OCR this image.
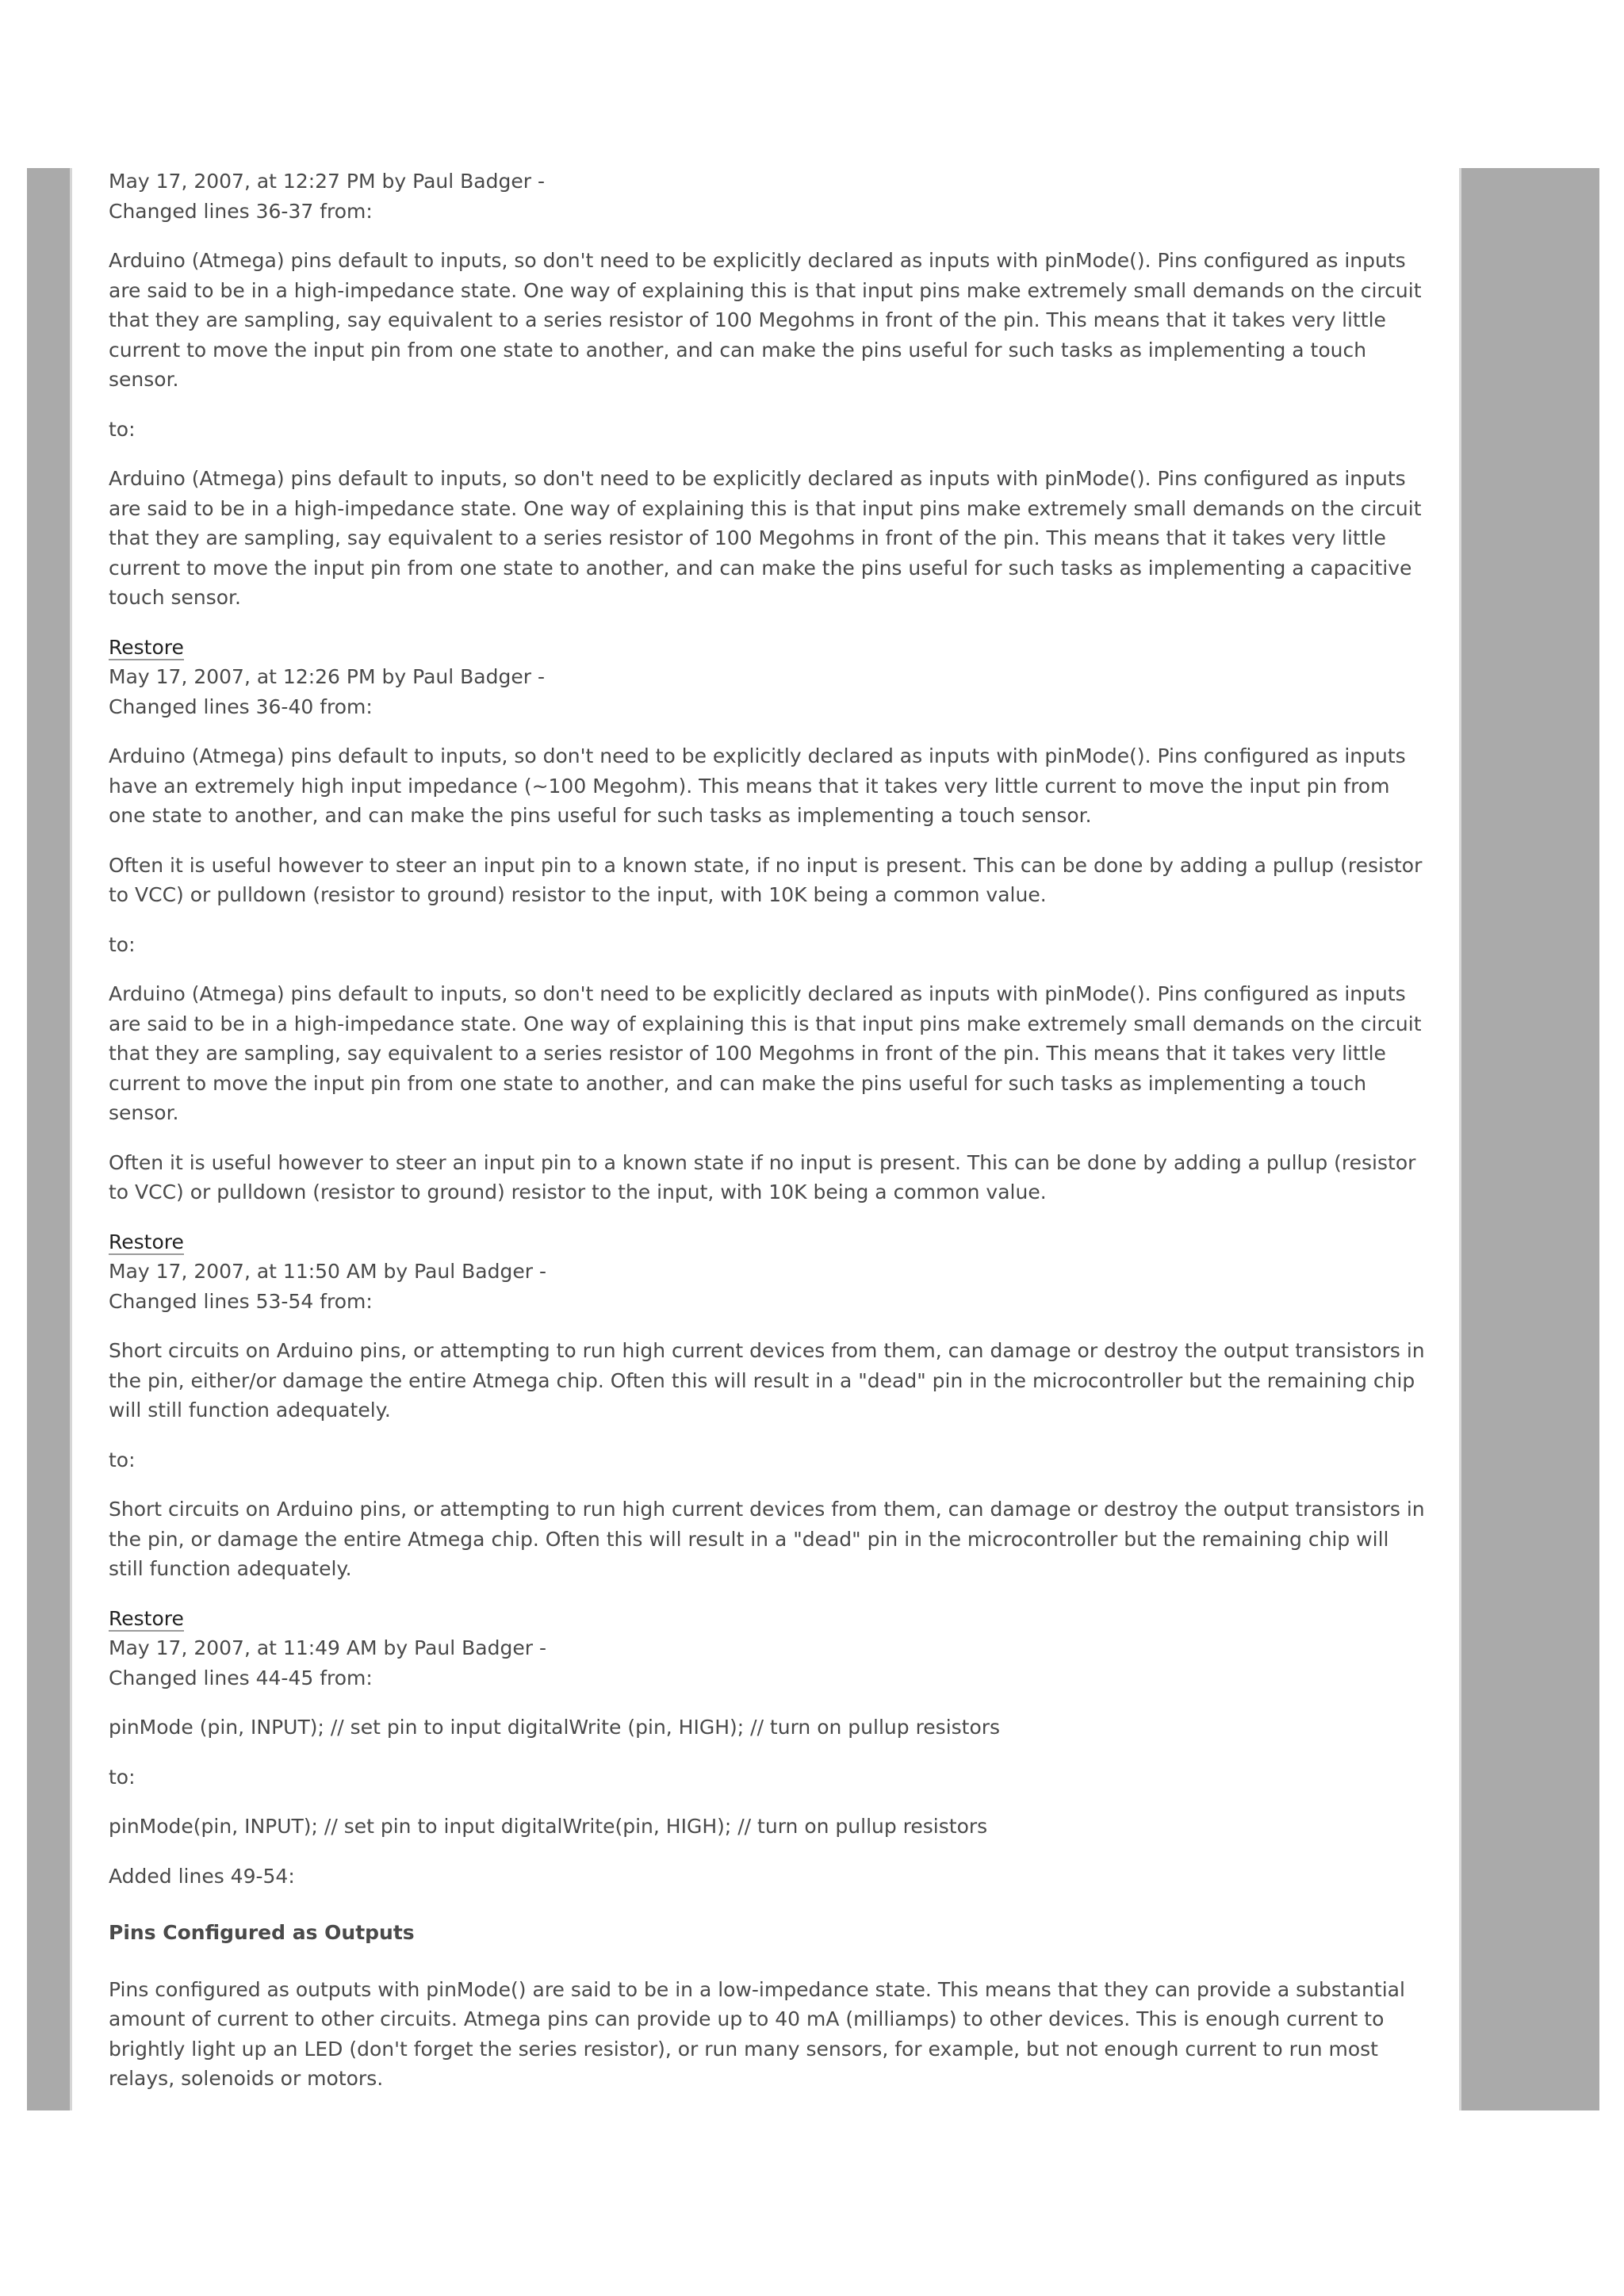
May 17, 2007, at 12:27 PM by Paul Badger -
Changed lines 36-37 from:

Arduino (Atmega) pins default to inputs, so don't need to be explicitly declared as inputs with pinMode(). Pins configured as inputs are said to be in a high-impedance state. One way of explaining this is that input pins make extremely small demands on the circuit that they are sampling, say equivalent to a series resistor of 100 Megohms in front of the pin. This means that it takes very little current to move the input pin from one state to another, and can make the pins useful for such tasks as implementing a touch sensor.

to:

Arduino (Atmega) pins default to inputs, so don't need to be explicitly declared as inputs with pinMode(). Pins configured as inputs are said to be in a high-impedance state. One way of explaining this is that input pins make extremely small demands on the circuit that they are sampling, say equivalent to a series resistor of 100 Megohms in front of the pin. This means that it takes very little current to move the input pin from one state to another, and can make the pins useful for such tasks as implementing a capacitive touch sensor.

Restore
May 17, 2007, at 12:26 PM by Paul Badger -
Changed lines 36-40 from:

Arduino (Atmega) pins default to inputs, so don't need to be explicitly declared as inputs with pinMode(). Pins configured as inputs have an extremely high input impedance (~100 Megohm). This means that it takes very little current to move the input pin from one state to another, and can make the pins useful for such tasks as implementing a touch sensor.

Often it is useful however to steer an input pin to a known state, if no input is present. This can be done by adding a pullup (resistor to VCC) or pulldown (resistor to ground) resistor to the input, with 10K being a common value.

to:

Arduino (Atmega) pins default to inputs, so don't need to be explicitly declared as inputs with pinMode(). Pins configured as inputs are said to be in a high-impedance state. One way of explaining this is that input pins make extremely small demands on the circuit that they are sampling, say equivalent to a series resistor of 100 Megohms in front of the pin. This means that it takes very little current to move the input pin from one state to another, and can make the pins useful for such tasks as implementing a touch sensor.

Often it is useful however to steer an input pin to a known state if no input is present. This can be done by adding a pullup (resistor to VCC) or pulldown (resistor to ground) resistor to the input, with 10K being a common value.

Restore
May 17, 2007, at 11:50 AM by Paul Badger -
Changed lines 53-54 from:

Short circuits on Arduino pins, or attempting to run high current devices from them, can damage or destroy the output transistors in the pin, either/or damage the entire Atmega chip. Often this will result in a "dead" pin in the microcontroller but the remaining chip will still function adequately.

to:

Short circuits on Arduino pins, or attempting to run high current devices from them, can damage or destroy the output transistors in the pin, or damage the entire Atmega chip. Often this will result in a "dead" pin in the microcontroller but the remaining chip will still function adequately.

Restore
May 17, 2007, at 11:49 AM by Paul Badger -
Changed lines 44-45 from:

pinMode (pin, INPUT); // set pin to input digitalWrite (pin, HIGH); // turn on pullup resistors

to:

pinMode(pin, INPUT); // set pin to input digitalWrite(pin, HIGH); // turn on pullup resistors

Added lines 49-54:

Pins Configured as Outputs

Pins configured as outputs with pinMode() are said to be in a low-impedance state. This means that they can provide a substantial amount of current to other circuits. Atmega pins can provide up to 40 mA (milliamps) to other devices. This is enough current to brightly light up an LED (don't forget the series resistor), or run many sensors, for example, but not enough current to run most relays, solenoids or motors.
